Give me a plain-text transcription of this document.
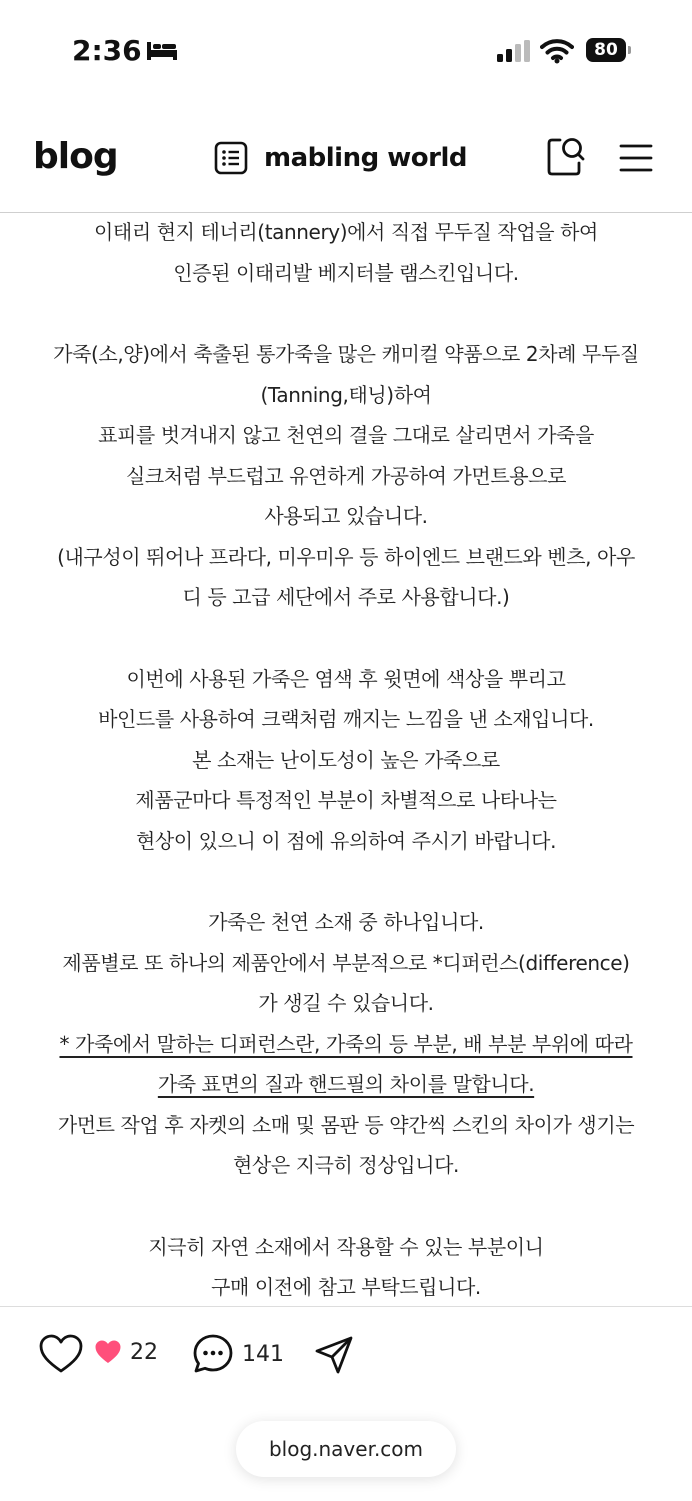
2:36	80
blog	mabling world
이태리 현지 테너리(tannery)에서 직접 무두질 작업을 하여
인증된 이태리발 베지터블 램스킨입니다.
가죽(소,양)에서 축출된 통가죽을 많은 캐미컬 약품으로 2차례 무두질
(Tanning,태닝)하여
표피를 벗겨내지 않고 천연의 결을 그대로 살리면서 가죽을
실크처럼 부드럽고 유연하게 가공하여 가먼트용으로
사용되고 있습니다.
(내구성이 뛰어나 프라다, 미우미우 등 하이엔드 브랜드와 벤츠, 아우
디 등 고급 세단에서 주로 사용합니다.)
이번에 사용된 가죽은 염색 후 윗면에 색상을 뿌리고
바인드를 사용하여 크랙처럼 깨지는 느낌을 낸 소재입니다.
본 소재는 난이도성이 높은 가죽으로
제품군마다 특정적인 부분이 차별적으로 나타나는
현상이 있으니 이 점에 유의하여 주시기 바랍니다.
가죽은 천연 소재 중 하나입니다.
제품별로 또 하나의 제품안에서 부분적으로 *디퍼런스(difference)
가 생길 수 있습니다.
* 가죽에서 말하는 디퍼런스란, 가죽의 등 부분, 배 부분 부위에 따라
가죽 표면의 질과 핸드필의 차이를 말합니다.
가먼트 작업 후 자켓의 소매 및 몸판 등 약간씩 스킨의 차이가 생기는
현상은 지극히 정상입니다.
지극히 자연 소재에서 작용할 수 있는 부분이니
구매 이전에 참고 부탁드립니다.
22	141
blog.naver.com
